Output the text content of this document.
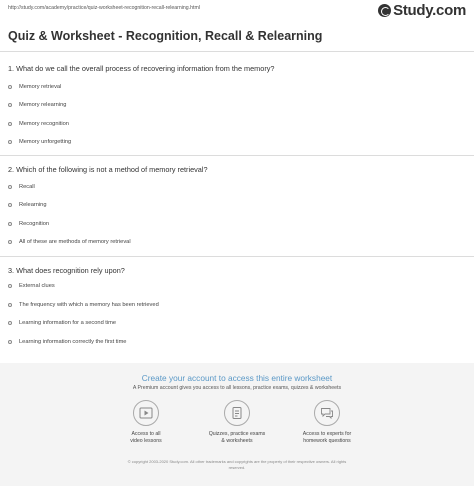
http://study.com/academy/practice/quiz-worksheet-recognition-recall-relearning.html	Study.com
Quiz & Worksheet - Recognition, Recall & Relearning
1. What do we call the overall process of recovering information from the memory?
Memory retrieval
Memory relearning
Memory recognition
Memory unforgetting
2. Which of the following is not a method of memory retrieval?
Recall
Relearning
Recognition
All of these are methods of memory retrieval
3. What does recognition rely upon?
External clues
The frequency with which a memory has been retrieved
Learning information for a second time
Learning information correctly the first time
Create your account to access this entire worksheet
A Premium account gives you access to all lessons, practice exams, quizzes & worksheets
Access to all
video lessons
Quizzes, practice exams
& worksheets
Access to experts for
homework questions
© copyright 2003-2020 Study.com. All other trademarks and copyrights are the property of their respective owners. All rights
reserved.
